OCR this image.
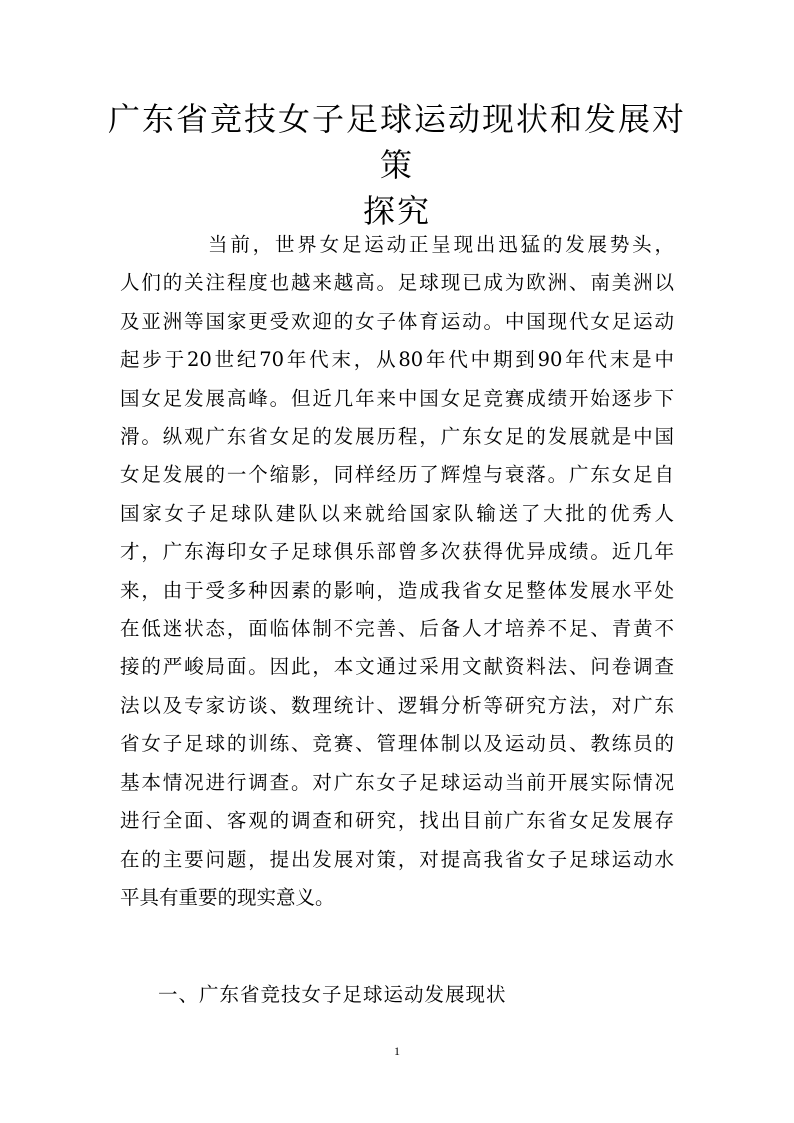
广东省竞技女子足球运动现状和发展对策
探究
当前，世界女足运动正呈现出迅猛的发展势头，
人们的关注程度也越来越高。足球现已成为欧洲、南美洲以
及亚洲等国家更受欢迎的女子体育运动。中国现代女足运动
起步于20世纪70年代末，从80年代中期到90年代末是中
国女足发展高峰。但近几年来中国女足竞赛成绩开始逐步下
滑。纵观广东省女足的发展历程，广东女足的发展就是中国
女足发展的一个缩影，同样经历了辉煌与衰落。广东女足自
国家女子足球队建队以来就给国家队输送了大批的优秀人
才，广东海印女子足球俱乐部曾多次获得优异成绩。近几年
来，由于受多种因素的影响，造成我省女足整体发展水平处
在低迷状态，面临体制不完善、后备人才培养不足、青黄不
接的严峻局面。因此，本文通过采用文献资料法、问卷调查
法以及专家访谈、数理统计、逻辑分析等研究方法，对广东
省女子足球的训练、竞赛、管理体制以及运动员、教练员的
基本情况进行调查。对广东女子足球运动当前开展实际情况
进行全面、客观的调查和研究，找出目前广东省女足发展存
在的主要问题，提出发展对策，对提高我省女子足球运动水
平具有重要的现实意义。

一、广东省竞技女子足球运动发展现状

1
